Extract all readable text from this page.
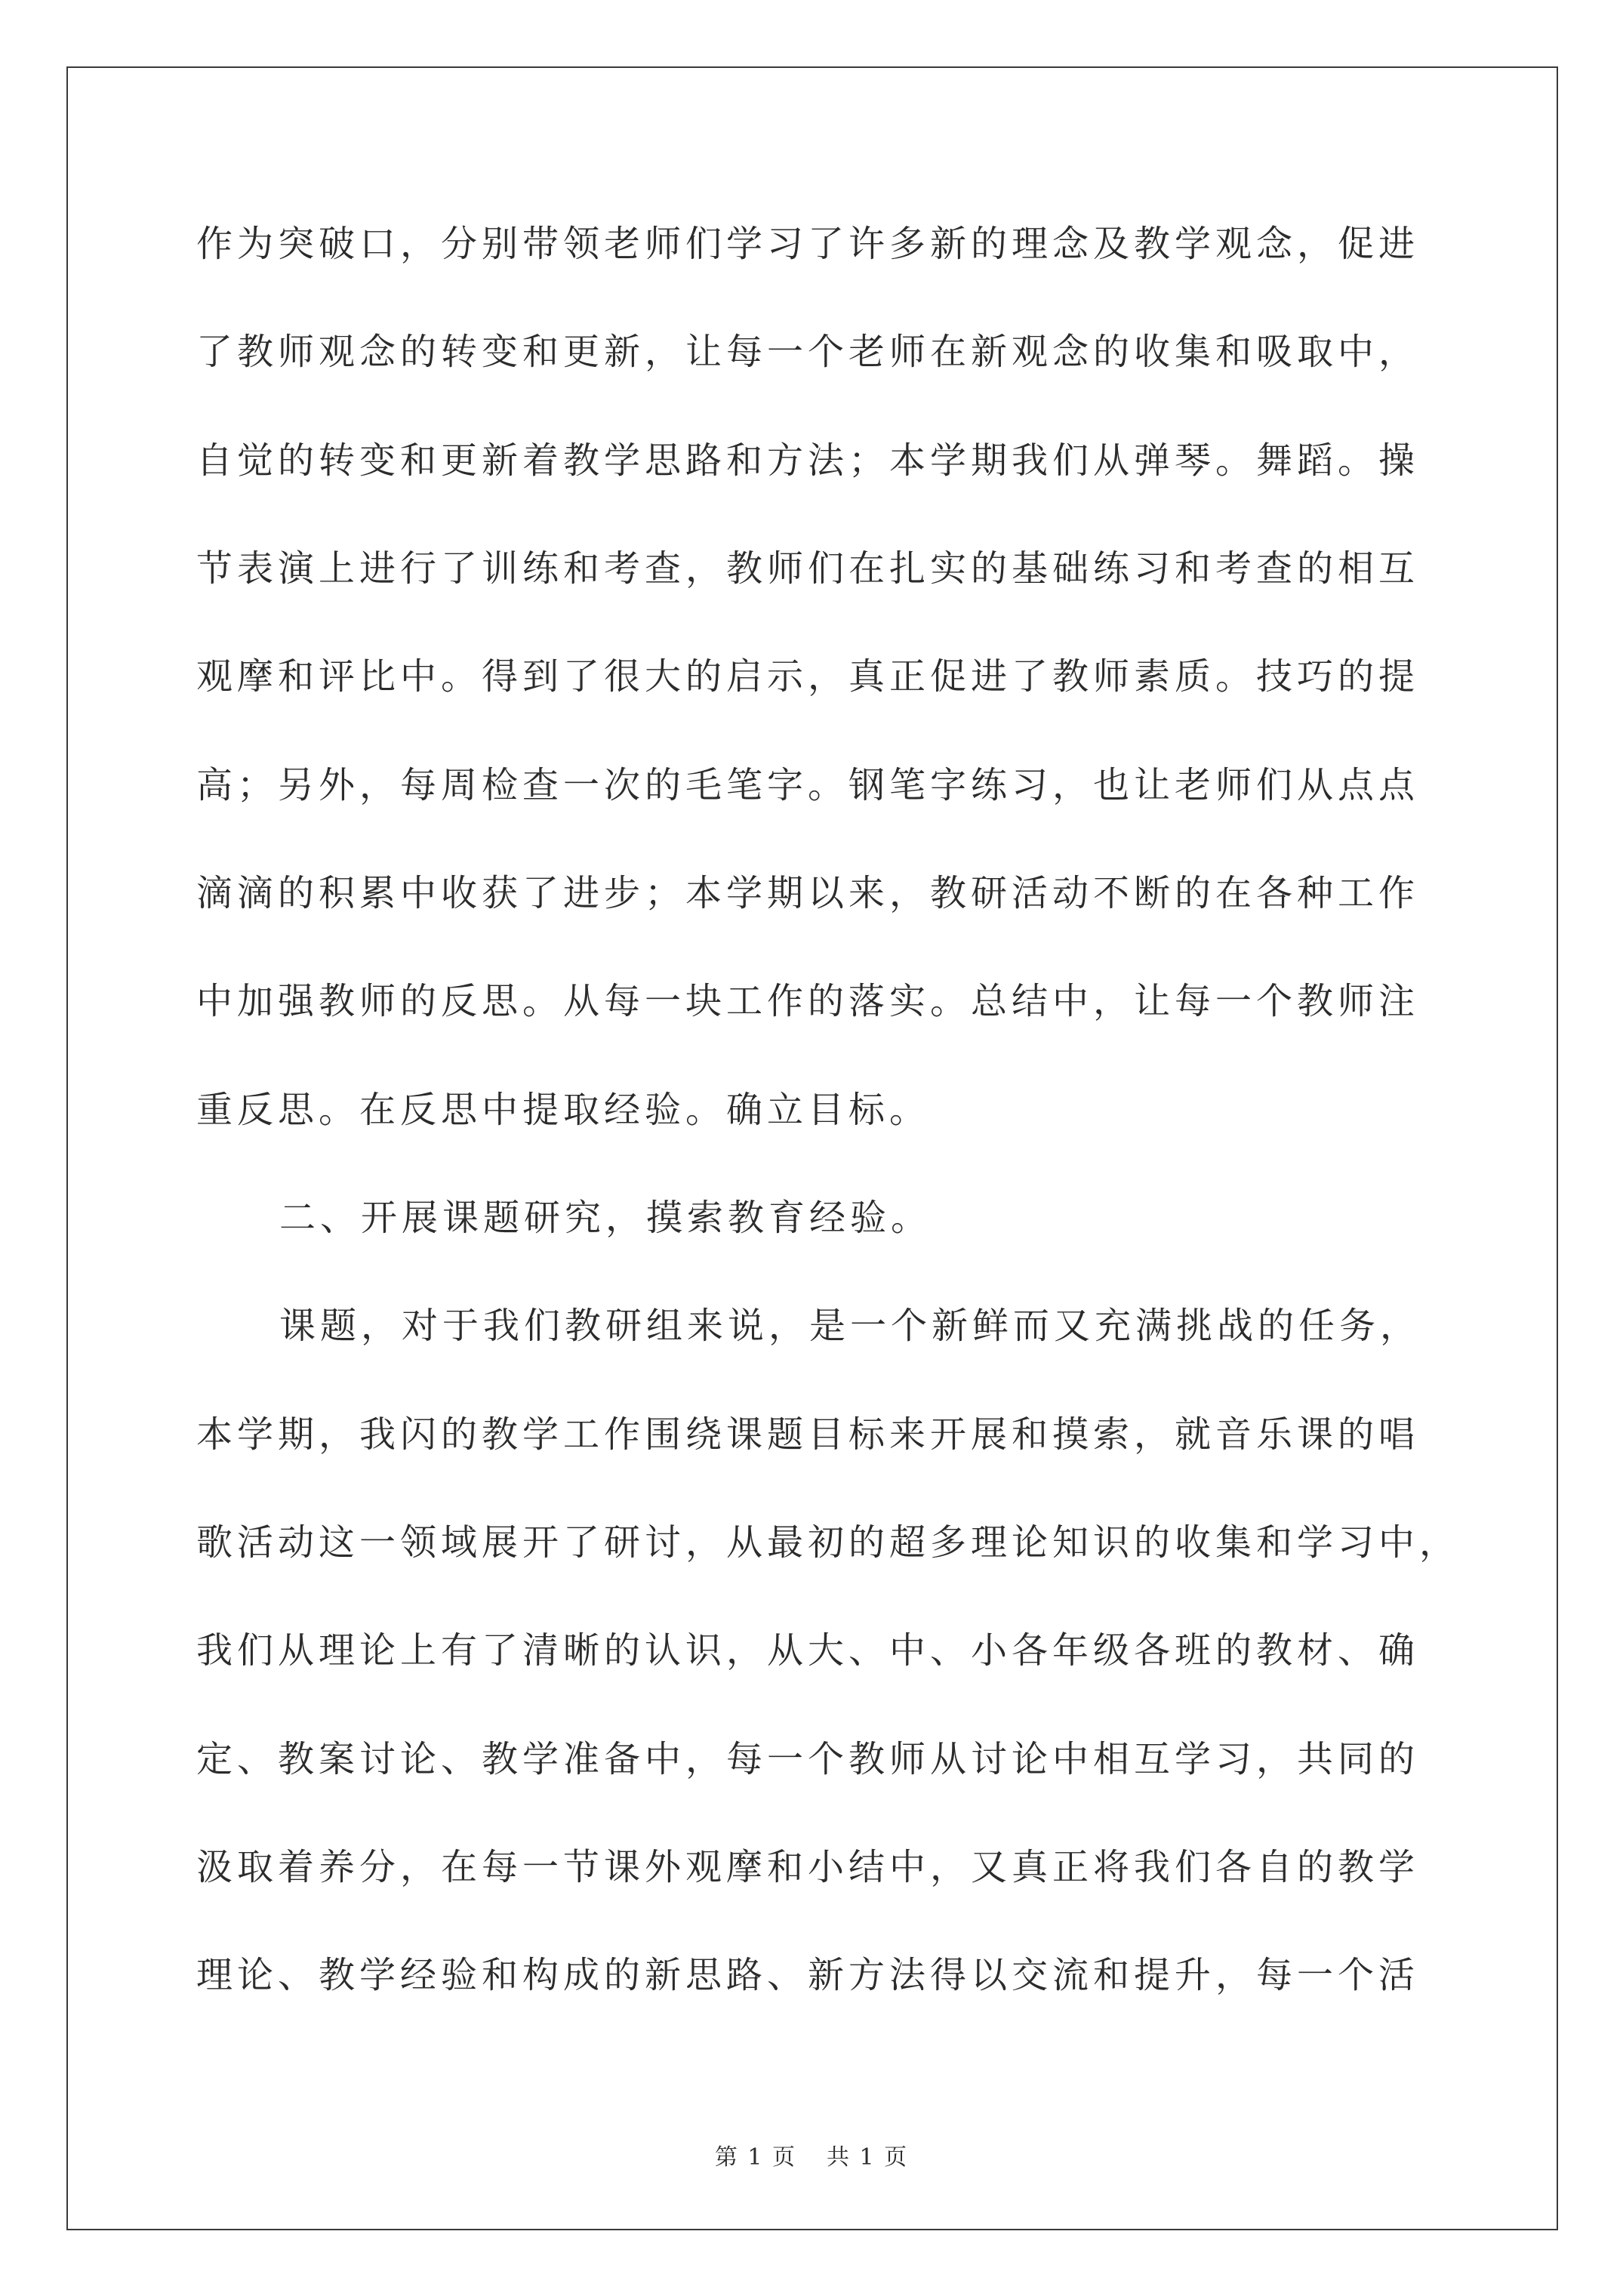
作为突破口，分别带领老师们学习了许多新的理念及教学观念，促进
了教师观念的转变和更新，让每一个老师在新观念的收集和吸取中，
自觉的转变和更新着教学思路和方法；本学期我们从弹琴。舞蹈。操
节表演上进行了训练和考查，教师们在扎实的基础练习和考查的相互
观摩和评比中。得到了很大的启示，真正促进了教师素质。技巧的提
高；另外，每周检查一次的毛笔字。钢笔字练习，也让老师们从点点
滴滴的积累中收获了进步；本学期以来，教研活动不断的在各种工作
中加强教师的反思。从每一块工作的落实。总结中，让每一个教师注
重反思。在反思中提取经验。确立目标。
二、开展课题研究，摸索教育经验。
课题，对于我们教研组来说，是一个新鲜而又充满挑战的任务，
本学期，我闪的教学工作围绕课题目标来开展和摸索，就音乐课的唱
歌活动这一领域展开了研讨，从最初的超多理论知识的收集和学习中，
我们从理论上有了清晰的认识，从大、中、小各年级各班的教材、确
定、教案讨论、教学准备中，每一个教师从讨论中相互学习，共同的
汲取着养分，在每一节课外观摩和小结中，又真正将我们各自的教学
理论、教学经验和构成的新思路、新方法得以交流和提升，每一个活
第 1 页 共 1 页
